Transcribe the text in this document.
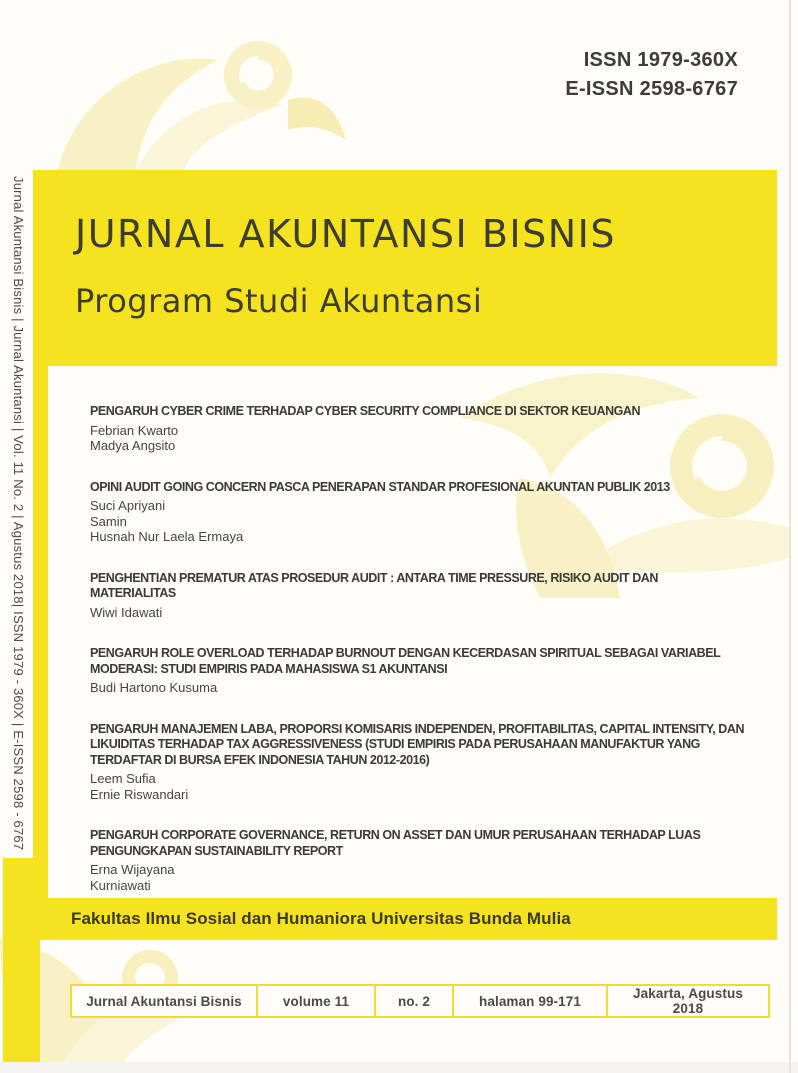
ISSN 1979-360X
E-ISSN 2598-6767
Jurnal Akuntansi Bisnis | Jurnal Akuntansi | Vol. 11 No. 2 | Agustus 2018| ISSN 1979 - 360X | E-ISSN 2598 - 6767 JURNAL AKUNTANSI BISNIS
Program Studi Akuntansi
PENGARUH CYBER CRIME TERHADAP CYBER SECURITY COMPLIANCE DI SEKTOR KEUANGAN
Febrian Kwarto
Madya Angsito
OPINI AUDIT GOING CONCERN PASCA PENERAPAN STANDAR PROFESIONAL AKUNTAN PUBLIK 2013
Suci Apriyani
Samin
Husnah Nur Laela Ermaya
PENGHENTIAN PREMATUR ATAS PROSEDUR AUDIT : ANTARA TIME PRESSURE, RISIKO AUDIT DAN MATERIALITAS
Wiwi Idawati
PENGARUH ROLE OVERLOAD TERHADAP BURNOUT DENGAN KECERDASAN SPIRITUAL SEBAGAI VARIABEL MODERASI: STUDI EMPIRIS PADA MAHASISWA S1 AKUNTANSI
Budi Hartono Kusuma
PENGARUH MANAJEMEN LABA, PROPORSI KOMISARIS INDEPENDEN, PROFITABILITAS, CAPITAL INTENSITY, DAN LIKUIDITAS TERHADAP TAX AGGRESSIVENESS (STUDI EMPIRIS PADA PERUSAHAAN MANUFAKTUR YANG TERDAFTAR DI BURSA EFEK INDONESIA TAHUN 2012-2016)
Leem Sufia
Ernie Riswandari
PENGARUH CORPORATE GOVERNANCE, RETURN ON ASSET DAN UMUR PERUSAHAAN TERHADAP LUAS PENGUNGKAPAN SUSTAINABILITY REPORT
Erna Wijayana
Kurniawati
Fakultas Ilmu Sosial dan Humaniora Universitas Bunda Mulia
Jurnal Akuntansi Bisnis	volume 11	no. 2	halaman 99-171	Jakarta, Agustus 2018
